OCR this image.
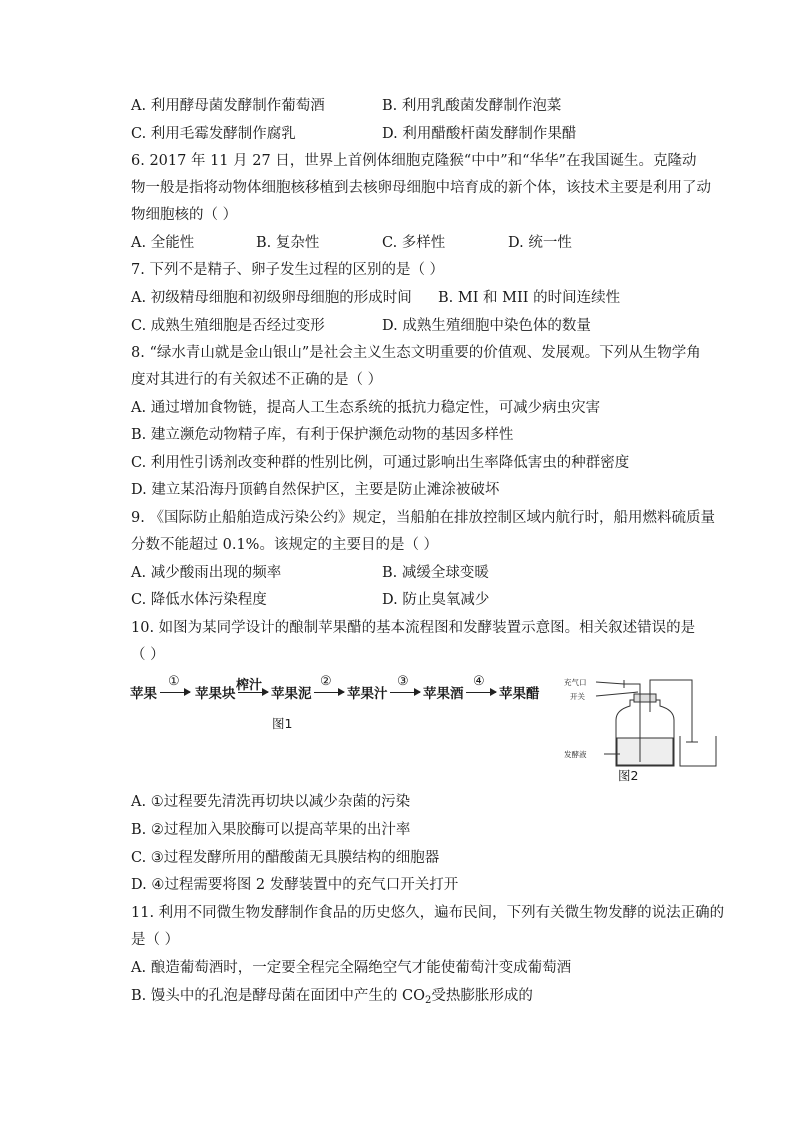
A. 利用酵母菌发酵制作葡萄酒	B. 利用乳酸菌发酵制作泡菜
C. 利用毛霉发酵制作腐乳	D. 利用醋酸杆菌发酵制作果醋
6. 2017 年 11 月 27 日，世界上首例体细胞克隆猴“中中”和“华华”在我国诞生。克隆动
物一般是指将动物体细胞核移植到去核卵母细胞中培育成的新个体，该技术主要是利用了动
物细胞核的（ ）
A. 全能性	B. 复杂性	C. 多样性	D. 统一性
7. 下列不是精子、卵子发生过程的区别的是（ ）
A. 初级精母细胞和初级卵母细胞的形成时间 B. MI 和 MII 的时间连续性
C. 成熟生殖细胞是否经过变形	D. 成熟生殖细胞中染色体的数量
8. “绿水青山就是金山银山”是社会主义生态文明重要的价值观、发展观。下列从生物学角
度对其进行的有关叙述不正确的是（ ）
A. 通过增加食物链，提高人工生态系统的抵抗力稳定性，可减少病虫灾害
B. 建立濒危动物精子库，有利于保护濒危动物的基因多样性
C. 利用性引诱剂改变种群的性别比例，可通过影响出生率降低害虫的种群密度
D. 建立某沿海丹顶鹤自然保护区，主要是防止滩涂被破坏
9. 《国际防止船舶造成污染公约》规定，当船舶在排放控制区域内航行时，船用燃料硫质量
分数不能超过 0.1%。该规定的主要目的是（ ）
A. 减少酸雨出现的频率	B. 减缓全球变暖
C. 降低水体污染程度	D. 防止臭氧减少
10. 如图为某同学设计的酿制苹果醋的基本流程图和发酵装置示意图。相关叙述错误的是
（ ）
苹果
①
苹果块
榨汁
苹果泥
②
苹果汁
③
苹果酒
④
苹果醋
图1
充气口
开关
发酵液
图2
A. ①过程要先清洗再切块以减少杂菌的污染
B. ②过程加入果胶酶可以提高苹果的出汁率
C. ③过程发酵所用的醋酸菌无具膜结构的细胞器
D. ④过程需要将图 2 发酵装置中的充气口开关打开
11. 利用不同微生物发酵制作食品的历史悠久，遍布民间，下列有关微生物发酵的说法正确的
是（ ）
A. 酿造葡萄酒时，一定要全程完全隔绝空气才能使葡萄汁变成葡萄酒
B. 馒头中的孔泡是酵母菌在面团中产生的 $CO_2$受热膨胀形成的
